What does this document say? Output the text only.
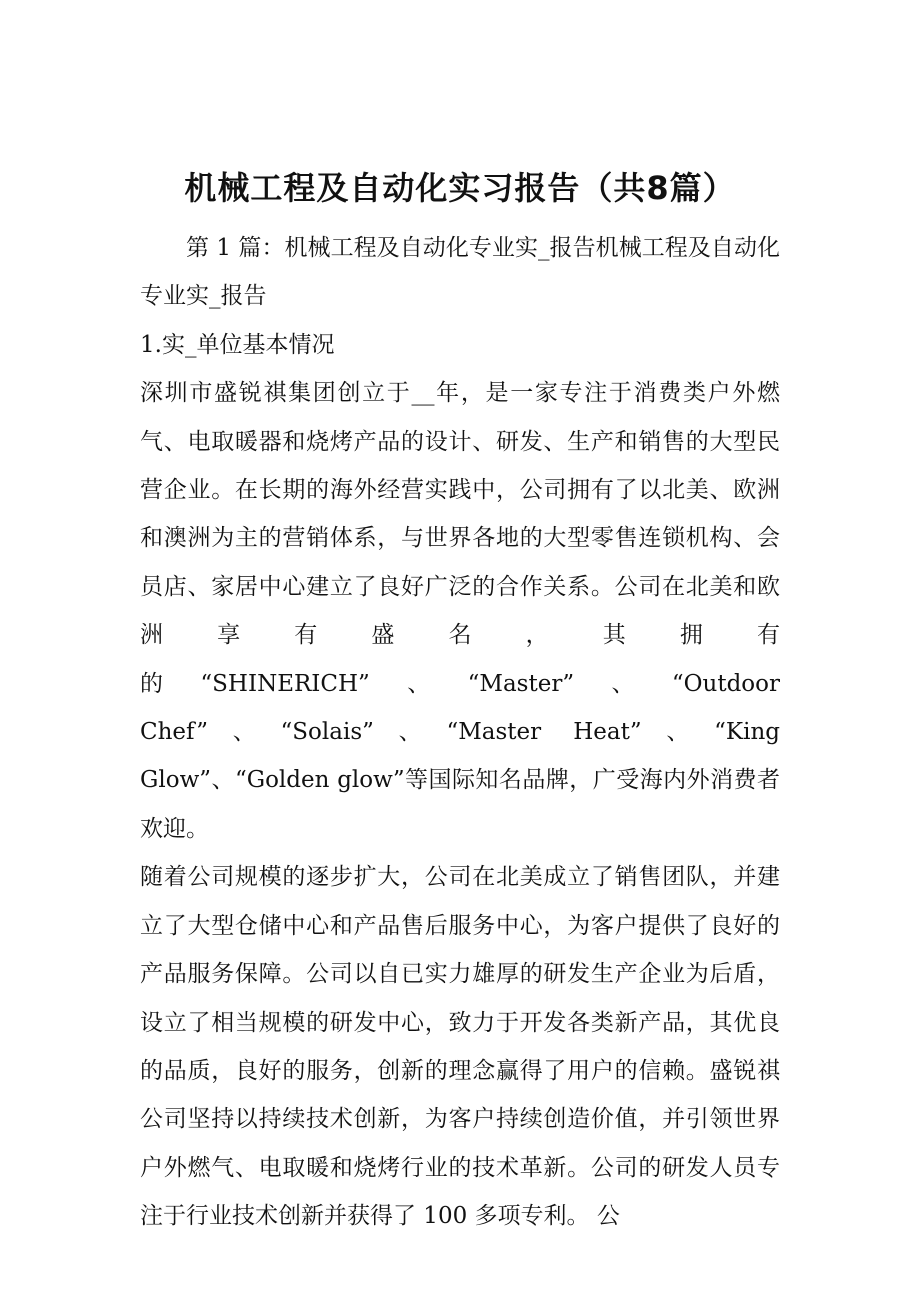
机械工程及自动化实习报告（共8篇）

第 1 篇：机械工程及自动化专业实_报告机械工程及自动化专业实_报告

1.实_单位基本情况

深圳市盛锐祺集团创立于__年，是一家专注于消费类户外燃气、电取暖器和烧烤产品的设计、研发、生产和销售的大型民营企业。在长期的海外经营实践中，公司拥有了以北美、欧洲和澳洲为主的营销体系，与世界各地的大型零售连锁机构、会员店、家居中心建立了良好广泛的合作关系。公司在北美和欧洲享有盛名，其拥有的“SHINERICH”、“Master”、“Outdoor Chef”、“Solais”、“Master Heat”、“King Glow”、“Golden glow”等国际知名品牌，广受海内外消费者欢迎。

随着公司规模的逐步扩大，公司在北美成立了销售团队，并建立了大型仓储中心和产品售后服务中心，为客户提供了良好的产品服务保障。公司以自已实力雄厚的研发生产企业为后盾，设立了相当规模的研发中心，致力于开发各类新产品，其优良的品质，良好的服务，创新的理念赢得了用户的信赖。盛锐祺公司坚持以持续技术创新，为客户持续创造价值，并引领世界户外燃气、电取暖和烧烤行业的技术革新。公司的研发人员专注于行业技术创新并获得了 100 多项专利。 公
